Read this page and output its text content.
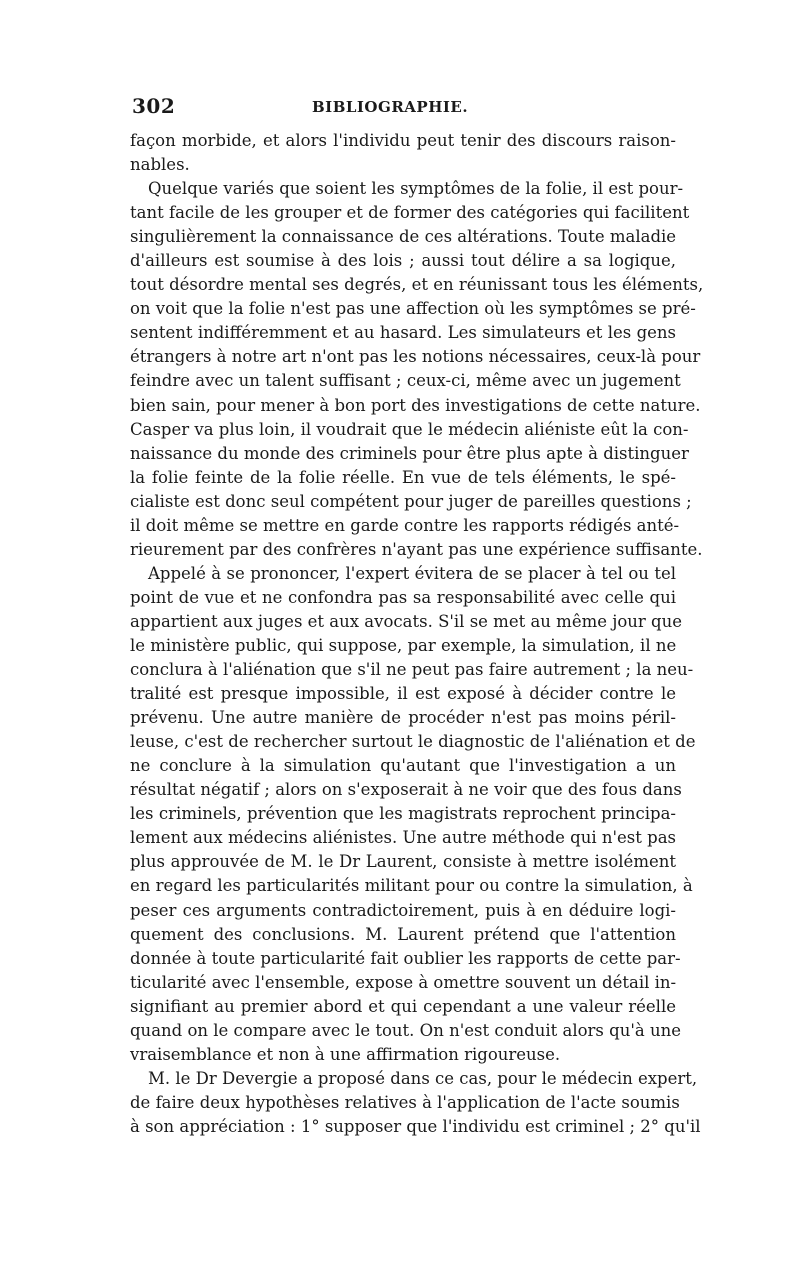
302	BIBLIOGRAPHIE.
façon morbide, et alors l'individu peut tenir des discours raison-
nables.
Quelque variés que soient les symptômes de la folie, il est pour-
tant facile de les grouper et de former des catégories qui facilitent
singulièrement la connaissance de ces altérations. Toute maladie
d'ailleurs est soumise à des lois ; aussi tout délire a sa logique,
tout désordre mental ses degrés, et en réunissant tous les éléments,
on voit que la folie n'est pas une affection où les symptômes se pré-
sentent indifféremment et au hasard. Les simulateurs et les gens
étrangers à notre art n'ont pas les notions nécessaires, ceux-là pour
feindre avec un talent suffisant ; ceux-ci, même avec un jugement
bien sain, pour mener à bon port des investigations de cette nature.
Casper va plus loin, il voudrait que le médecin aliéniste eût la con-
naissance du monde des criminels pour être plus apte à distinguer
la folie feinte de la folie réelle. En vue de tels éléments, le spé-
cialiste est donc seul compétent pour juger de pareilles questions ;
il doit même se mettre en garde contre les rapports rédigés anté-
rieurement par des confrères n'ayant pas une expérience suffisante.
Appelé à se prononcer, l'expert évitera de se placer à tel ou tel
point de vue et ne confondra pas sa responsabilité avec celle qui
appartient aux juges et aux avocats. S'il se met au même jour que
le ministère public, qui suppose, par exemple, la simulation, il ne
conclura à l'aliénation que s'il ne peut pas faire autrement ; la neu-
tralité est presque impossible, il est exposé à décider contre le
prévenu. Une autre manière de procéder n'est pas moins péril-
leuse, c'est de rechercher surtout le diagnostic de l'aliénation et de
ne conclure à la simulation qu'autant que l'investigation a un
résultat négatif ; alors on s'exposerait à ne voir que des fous dans
les criminels, prévention que les magistrats reprochent principa-
lement aux médecins aliénistes. Une autre méthode qui n'est pas
plus approuvée de M. le Dr Laurent, consiste à mettre isolément
en regard les particularités militant pour ou contre la simulation, à
peser ces arguments contradictoirement, puis à en déduire logi-
quement des conclusions. M. Laurent prétend que l'attention
donnée à toute particularité fait oublier les rapports de cette par-
ticularité avec l'ensemble, expose à omettre souvent un détail in-
signifiant au premier abord et qui cependant a une valeur réelle
quand on le compare avec le tout. On n'est conduit alors qu'à une
vraisemblance et non à une affirmation rigoureuse.
M. le Dr Devergie a proposé dans ce cas, pour le médecin expert,
de faire deux hypothèses relatives à l'application de l'acte soumis
à son appréciation : 1° supposer que l'individu est criminel ; 2° qu'il
